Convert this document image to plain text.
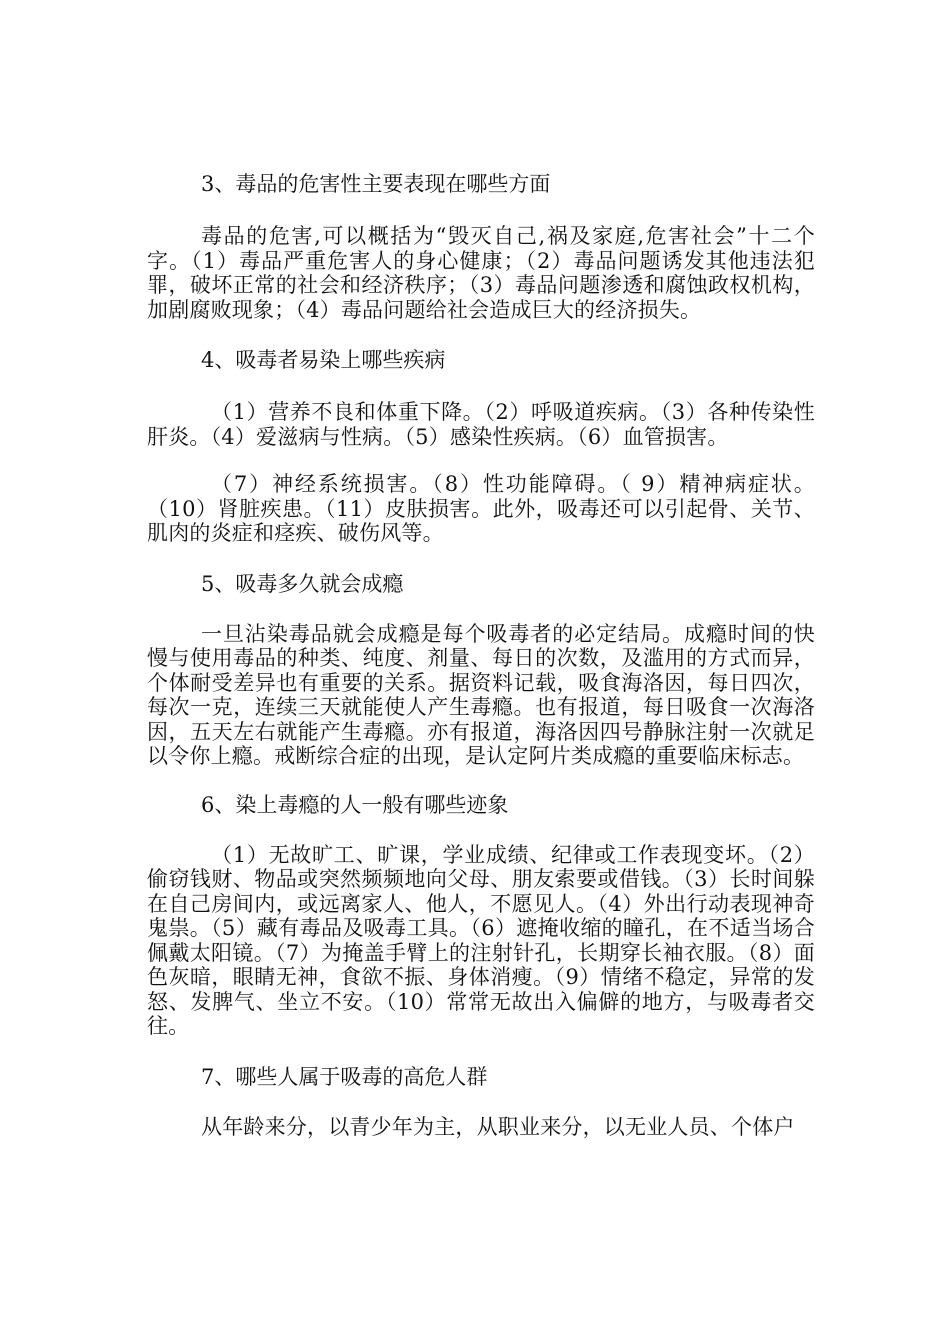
3、毒品的危害性主要表现在哪些方面

毒品的危害,可以概括为“毁灭自己,祸及家庭,危害社会”十二个字。（1）毒品严重危害人的身心健康；（2）毒品问题诱发其他违法犯罪，破坏正常的社会和经济秩序；（3）毒品问题渗透和腐蚀政权机构，加剧腐败现象；（4）毒品问题给社会造成巨大的经济损失。

4、吸毒者易染上哪些疾病

（1）营养不良和体重下降。（2）呼吸道疾病。（3）各种传染性肝炎。（4）爱滋病与性病。（5）感染性疾病。（6）血管损害。

（7）神经系统损害。（8）性功能障碍。（ 9）精神病症状。（10）肾脏疾患。（11）皮肤损害。此外，吸毒还可以引起骨、关节、肌肉的炎症和痉疾、破伤风等。

5、吸毒多久就会成瘾

一旦沾染毒品就会成瘾是每个吸毒者的必定结局。成瘾时间的快慢与使用毒品的种类、纯度、剂量、每日的次数，及滥用的方式而异，个体耐受差异也有重要的关系。据资料记载，吸食海洛因，每日四次，每次一克，连续三天就能使人产生毒瘾。也有报道，每日吸食一次海洛因，五天左右就能产生毒瘾。亦有报道，海洛因四号静脉注射一次就足以令你上瘾。戒断综合症的出现，是认定阿片类成瘾的重要临床标志。

6、染上毒瘾的人一般有哪些迹象

（1）无故旷工、旷课，学业成绩、纪律或工作表现变坏。（2）偷窃钱财、物品或突然频频地向父母、朋友索要或借钱。（3）长时间躲在自己房间内，或远离家人、他人，不愿见人。（4）外出行动表现神奇鬼祟。（5）藏有毒品及吸毒工具。（6）遮掩收缩的瞳孔，在不适当场合佩戴太阳镜。（7）为掩盖手臂上的注射针孔，长期穿长袖衣服。（8）面色灰暗，眼睛无神，食欲不振、身体消瘦。（9）情绪不稳定，异常的发怒、发脾气、坐立不安。（10）常常无故出入偏僻的地方，与吸毒者交往。

7、哪些人属于吸毒的高危人群

从年龄来分，以青少年为主，从职业来分，以无业人员、个体户
